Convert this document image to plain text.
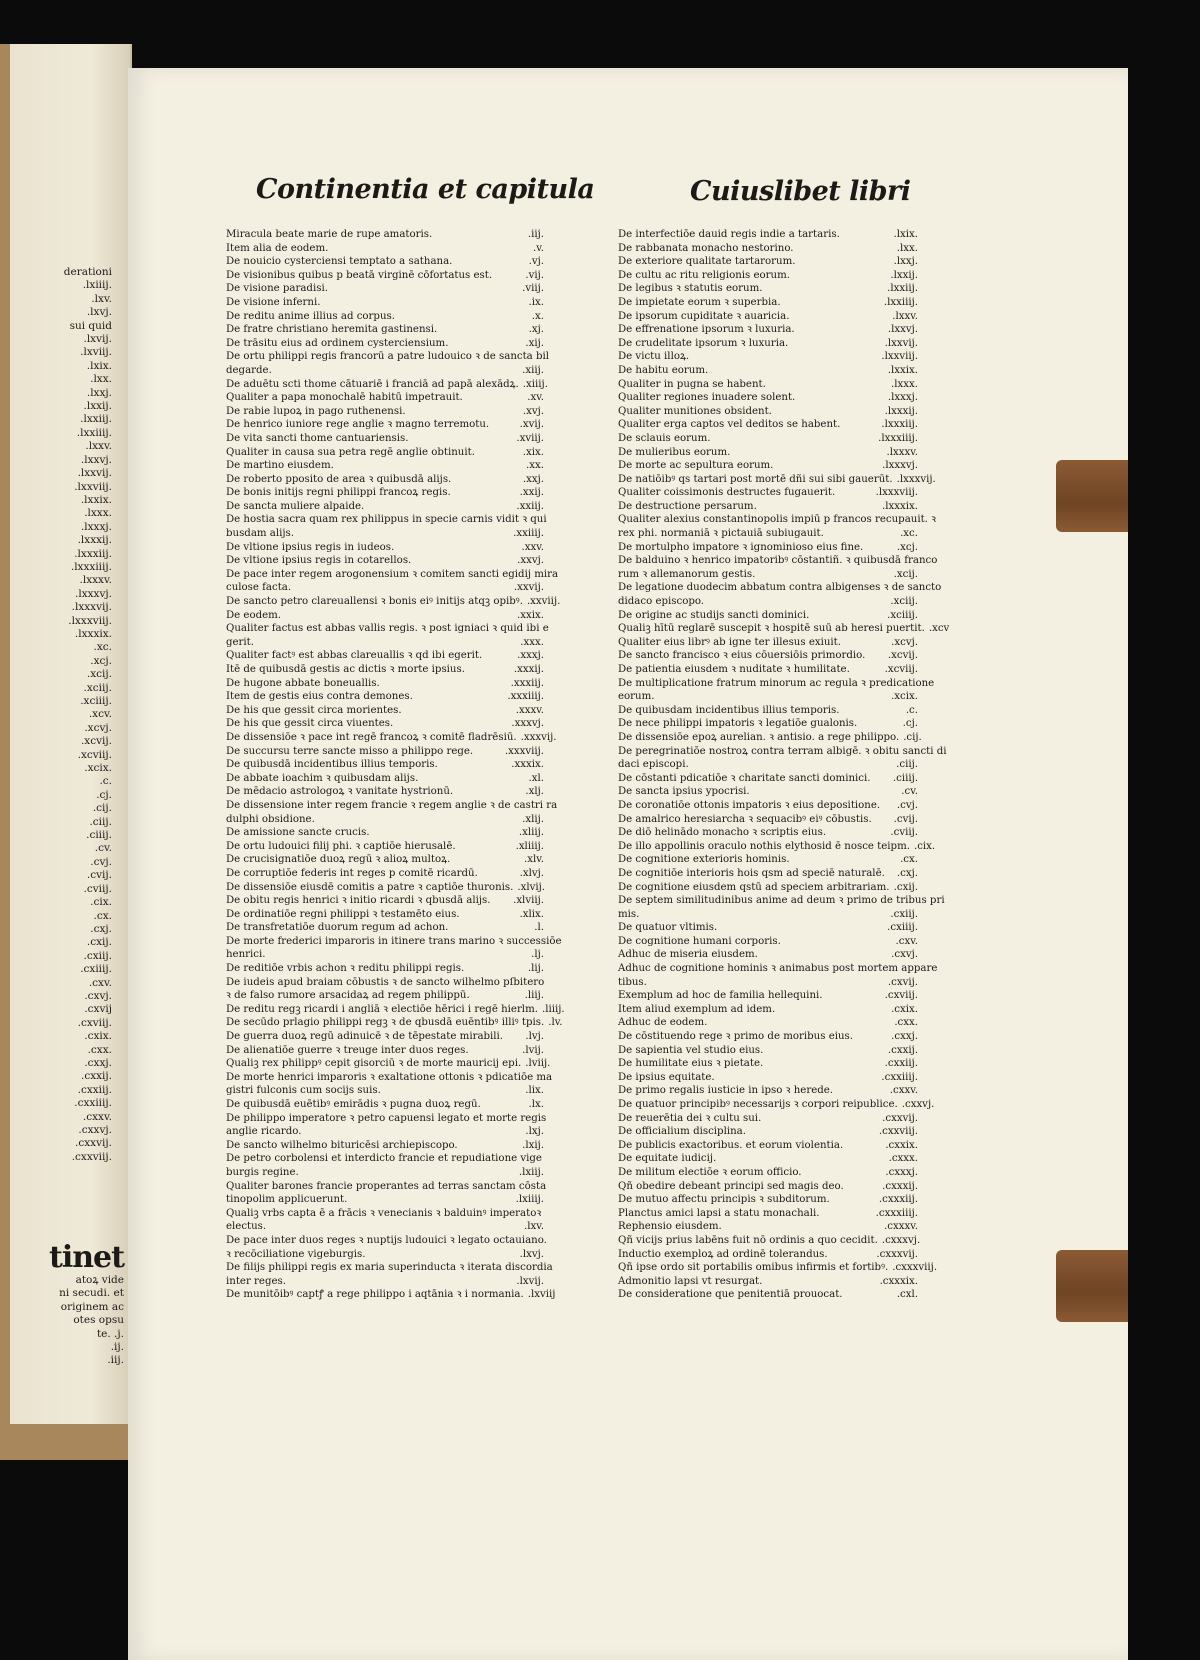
derationi
.lxiiij.
.lxv.
.lxvj.
sui quid
.lxvij.
.lxviij.
.lxix.
.lxx.
.lxxj.
.lxxij.
.lxxiij.
.lxxiiij.
.lxxv.
.lxxvj.
.lxxvij.
.lxxviij.
.lxxix.
.lxxx.
.lxxxj.
.lxxxij.
.lxxxiij.
.lxxxiiij.
.lxxxv.
.lxxxvj.
.lxxxvij.
.lxxxviij.
.lxxxix.
.xc.
.xcj.
.xcij.
.xciij.
.xciiij.
.xcv.
.xcvj.
.xcvij.
.xcviij.
.xcix.
.c.
.cj.
.cij.
.ciij.
.ciiij.
.cv.
.cvj.
.cvij.
.cviij.
.cix.
.cx.
.cxj.
.cxij.
.cxiij.
.cxiiij.
.cxv.
.cxvj.
.cxvij
.cxviij.
.cxix.
.cxx.
.cxxj.
.cxxij.
.cxxiij.
.cxxiiij.
.cxxv.
.cxxvj.
.cxxvij.
.cxxviij.
tinet
atoꝝ vide
ni secudi. et
originem ac
otes opsu
te. .j.
.ij.
.iij.
Continentia et capitula	Cuiuslibet libri
Miracula beate marie de rupe amatoris.	.iij.
Item alia de eodem.	.v.
De nouicio cysterciensi temptato a sathana.	.vj.
De visionibus quibus p beatā virginē cōfortatus est.	.vij.
De visione paradisi.	.viij.
De visione inferni.	.ix.
De reditu anime illius ad corpus.	.x.
De fratre christiano heremita gastinensi.	.xj.
De trāsitu eius ad ordinem cysterciensium.	.xij.
De ortu philippi regis francorū a patre ludouico ꝛ de sancta bil
degarde.	.xiij.
De aduētu scti thome cātuariē i franciā ad papā alexādꝝ. .xiiij.
Qualiter a papa monochalē habitū impetrauit.	.xv.
De rabie lupoꝝ in pago ruthenensi.	.xvj.
De henrico iuniore rege anglie ꝛ magno terremotu.	.xvij.
De vita sancti thome cantuariensis.	.xviij.
Qualiter in causa sua petra regē anglie obtinuit.	.xix.
De martino eiusdem.	.xx.
De roberto pposito de area ꝛ quibusdā alijs.	.xxj.
De bonis initijs regni philippi francoꝝ regis.	.xxij.
De sancta muliere alpaide.	.xxiij.
De hostia sacra quam rex philippus in specie carnis vidit ꝛ qui
busdam alijs.	.xxiiij.
De vltione ipsius regis in iudeos.	.xxv.
De vltione ipsius regis in cotarellos.	.xxvj.
De pace inter regem arogonensium ꝛ comitem sancti egidij mira
culose facta.	.xxvij.
De sancto petro clareuallensi ꝛ bonis eiꝰ initijs atqꝫ opibꝰ. .xxviij.
De eodem.	.xxix.
Qualiter factus est abbas vallis regis. ꝛ post igniaci ꝛ quid ibi e
gerit.	.xxx.
Qualiter factꝰ est abbas clareuallis ꝛ qd ibi egerit.	.xxxj.
Itē de quibusdā gestis ac dictis ꝛ morte ipsius.	.xxxij.
De hugone abbate boneuallis.	.xxxiij.
Item de gestis eius contra demones.	.xxxiiij.
De his que gessit circa morientes.	.xxxv.
De his que gessit circa viuentes.	.xxxvj.
De dissensiōe ꝛ pace int regē francoꝝ ꝛ comitē fladrēsiū. .xxxvij.
De succursu terre sancte misso a philippo rege.	.xxxviij.
De quibusdā incidentibus illius temporis.	.xxxix.
De abbate ioachim ꝛ quibusdam alijs.	.xl.
De mēdacio astrologoꝝ ꝛ vanitate hystrionū.	.xlj.
De dissensione inter regem francie ꝛ regem anglie ꝛ de castri ra
dulphi obsidione.	.xlij.
De amissione sancte crucis.	.xliij.
De ortu ludouici filij phi. ꝛ captiōe hierusalē.	.xliiij.
De crucisignatiōe duoꝝ regū ꝛ alioꝝ multoꝝ.	.xlv.
De corruptiōe federis int reges p comitē ricardū.	.xlvj.
De dissensiōe eiusdē comitis a patre ꝛ captiōe thuronis. .xlvij.
De obitu regis henrici ꝛ initio ricardi ꝛ qbusdā alijs.	.xlviij.
De ordinatiōe regni philippi ꝛ testamēto eius.	.xlix.
De transfretatiōe duorum regum ad achon.	.l.
De morte frederici imparoris in itinere trans marino ꝛ successiōe
henrici.	.lj.
De reditiōe vrbis achon ꝛ reditu philippi regis.	.lij.
De iudeis apud braiam cōbustis ꝛ de sancto wilhelmo pſbitero
ꝛ de falso rumore arsacidaꝝ ad regem philippū.	.liij.
De reditu regꝫ ricardi i angliā ꝛ electiōe hērici i regē hierlm. .liiij.
De secūdo prlagio philippi regꝫ ꝛ de qbusdā euēntibꝰ illiꝰ tpis. .lv.
De guerra duoꝝ regū adinuicē ꝛ de tēpestate mirabili.	.lvj.
De alienatiōe guerre ꝛ treuge inter duos reges.	.lvij.
Qualiꝫ rex philippꝰ cepit gisorciū ꝛ de morte mauricij epi. .lviij.
De morte henrici imparoris ꝛ exaltatione ottonis ꝛ pdicatiōe ma
gistri fulconis cum socijs suis.	.lix.
De quibusdā euētibꝰ emirādis ꝛ pugna duoꝝ regū.	.lx.
De philippo imperatore ꝛ petro capuensi legato et morte regis
anglie ricardo.	.lxj.
De sancto wilhelmo bituricēsi archiepiscopo.	.lxij.
De petro corbolensi et interdicto francie et repudiatione vige
burgis regine.	.lxiij.
Qualiter barones francie properantes ad terras sanctam cōsta
tinopolim applicuerunt.	.lxiiij.
Qualiꝫ vrbs capta ē a frācis ꝛ venecianis ꝛ balduinꝰ imperatoꝛ
electus.	.lxv.
De pace inter duos reges ꝛ nuptijs ludouici ꝛ legato octauiano.
ꝛ recōciliatione vigeburgis.	.lxvj.
De filijs philippi regis ex maria superinducta ꝛ iterata discordia
inter reges.	.lxvij.
De munitōibꝰ captꝭ a rege philippo i aqtānia ꝛ i normania. .lxviij
De interfectiōe dauid regis indie a tartaris.	.lxix.
De rabbanata monacho nestorino.	.lxx.
De exteriore qualitate tartarorum.	.lxxj.
De cultu ac ritu religionis eorum.	.lxxij.
De legibus ꝛ statutis eorum.	.lxxiij.
De impietate eorum ꝛ superbia.	.lxxiiij.
De ipsorum cupiditate ꝛ auaricia.	.lxxv.
De effrenatione ipsorum ꝛ luxuria.	.lxxvj.
De crudelitate ipsorum ꝛ luxuria.	.lxxvij.
De victu illoꝝ.	.lxxviij.
De habitu eorum.	.lxxix.
Qualiter in pugna se habent.	.lxxx.
Qualiter regiones inuadere solent.	.lxxxj.
Qualiter munitiones obsident.	.lxxxij.
Qualiter erga captos vel deditos se habent.	.lxxxiij.
De sclauis eorum.	.lxxxiiij.
De mulieribus eorum.	.lxxxv.
De morte ac sepultura eorum.	.lxxxvj.
De natiōibꝰ qs tartari post mortē dñi sui sibi gauerūt. .lxxxvij.
Qualiter coissimonis destructes fugauerit.	.lxxxviij.
De destructione persarum.	.lxxxix.
Qualiter alexius constantinopolis impiū p francos recupauit. ꝛ
rex phi. normaniā ꝛ pictauiā subiugauit.	.xc.
De mortulpho impatore ꝛ ignominioso eius fine.	.xcj.
De balduino ꝛ henrico impatoribꝰ cōstantiñ. ꝛ quibusdā franco
rum ꝛ allemanorum gestis.	.xcij.
De legatione duodecim abbatum contra albigenses ꝛ de sancto
didaco episcopo.	.xciij.
De origine ac studijs sancti dominici.	.xciiij.
Qualiꝫ hītū reglarē suscepit ꝛ hospitē suū ab heresi puertit. .xcv
Qualiter eius librꝰ ab igne ter illesus exiuit.	.xcvj.
De sancto francisco ꝛ eius cōuersiōis primordio.	.xcvij.
De patientia eiusdem ꝛ nuditate ꝛ humilitate.	.xcviij.
De multiplicatione fratrum minorum ac regula ꝛ predicatione
eorum.	.xcix.
De quibusdam incidentibus illius temporis.	.c.
De nece philippi impatoris ꝛ legatiōe gualonis.	.cj.
De dissensiōe epoꝝ aurelian. ꝛ antisio. a rege philippo. .cij.
De peregrinatiōe nostroꝝ contra terram albigē. ꝛ obitu sancti di
daci episcopi.	.ciij.
De cōstanti pdicatiōe ꝛ charitate sancti dominici.	.ciiij.
De sancta ipsius ypocrisi.	.cv.
De coronatiōe ottonis impatoris ꝛ eius depositione.	.cvj.
De amalrico heresiarcha ꝛ sequacibꝰ eiꝰ cōbustis.	.cvij.
De diō helinādo monacho ꝛ scriptis eius.	.cviij.
De illo appollinis oraculo nothis elythosid ē nosce teipm. .cix.
De cognitione exterioris hominis.	.cx.
De cognitiōe interioris hois qsm ad speciē naturalē.	.cxj.
De cognitione eiusdem qstū ad speciem arbitrariam. .cxij.
De septem similitudinibus anime ad deum ꝛ primo de tribus pri
mis.	.cxiij.
De quatuor vltimis.	.cxiiij.
De cognitione humani corporis.	.cxv.
Adhuc de miseria eiusdem.	.cxvj.
Adhuc de cognitione hominis ꝛ animabus post mortem appare
tibus.	.cxvij.
Exemplum ad hoc de familia hellequini.	.cxviij.
Item aliud exemplum ad idem.	.cxix.
Adhuc de eodem.	.cxx.
De cōstituendo rege ꝛ primo de moribus eius.	.cxxj.
De sapientia vel studio eius.	.cxxij.
De humilitate eius ꝛ pietate.	.cxxiij.
De ipsius equitate.	.cxxiiij.
De primo regalis iusticie in ipso ꝛ herede.	.cxxv.
De quatuor principibꝰ necessarijs ꝛ corpori reipublice. .cxxvj.
De reuerētia dei ꝛ cultu sui.	.cxxvij.
De officialium disciplina.	.cxxviij.
De publicis exactoribus. et eorum violentia.	.cxxix.
De equitate iudicij.	.cxxx.
De militum electiōe ꝛ eorum officio.	.cxxxj.
Qñ obedire debeant principi sed magis deo.	.cxxxij.
De mutuo affectu principis ꝛ subditorum.	.cxxxiij.
Planctus amici lapsi a statu monachali.	.cxxxiiij.
Rephensio eiusdem.	.cxxxv.
Qñ vicijs prius labēns fuit nō ordinis a quo cecidit. .cxxxvj.
Inductio exemploꝝ ad ordinē tolerandus.	.cxxxvij.
Qñ ipse ordo sit portabilis omibus infirmis et fortibꝰ. .cxxxviij.
Admonitio lapsi vt resurgat.	.cxxxix.
De consideratione que penitentiā prouocat.	.cxl.
